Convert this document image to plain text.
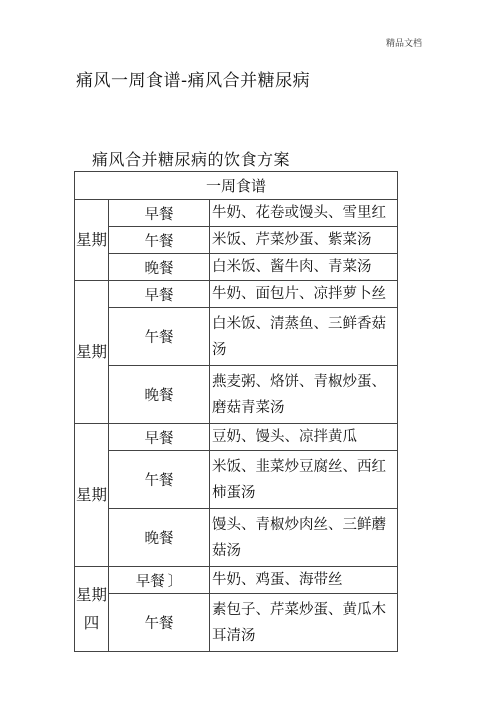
精品文档
痛风一周食谱-痛风合并糖尿病
痛风合并糖尿病的饮食方案
一周食谱		
星期	早餐	牛奶、花卷或馒头、雪里红
	午餐	米饭、芹菜炒蛋、紫菜汤
	晚餐	白米饭、酱牛肉、青菜汤
星期	早餐	牛奶、面包片、凉拌萝卜丝
	午餐	白米饭、清蒸鱼、三鲜香菇汤
	晚餐	燕麦粥、烙饼、青椒炒蛋、磨菇青菜汤
星期	早餐	豆奶、馒头、凉拌黄瓜
	午餐	米饭、韭菜炒豆腐丝、西红柿蛋汤
	晚餐	馒头、青椒炒肉丝、三鲜蘑菇汤
星期四	早餐 〕	牛奶、鸡蛋、海带丝
	午餐	素包子、芹菜炒蛋、黄瓜木耳清汤
